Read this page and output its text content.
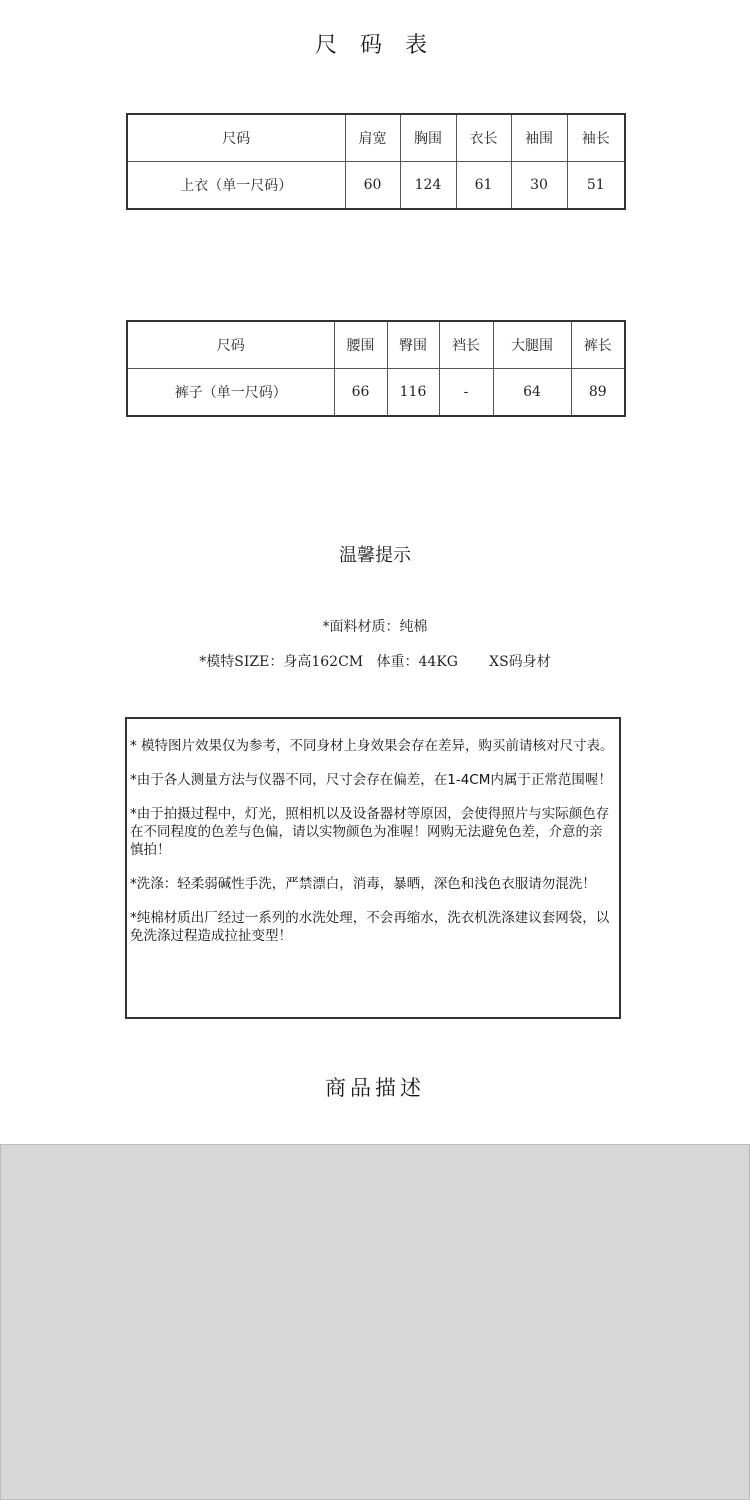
尺 码 表
尺码	肩宽	胸围	衣长	袖围	袖长
上衣（单一尺码）	60	124	61	30	51
尺码	腰围	臀围	裆长	大腿围	裤长
裤子（单一尺码）	66	116	-	64	89
温馨提示
*面料材质：纯棉
*模特SIZE：身高162CM 体重：44KG XS码身材

* 模特图片效果仅为参考，不同身材上身效果会存在差异，购买前请核对尺寸表。

*由于各人测量方法与仪器不同，尺寸会存在偏差，在1-4CM内属于正常范围喔！

*由于拍摄过程中，灯光，照相机以及设备器材等原因，会使得照片与实际颜色存在不同程度的色差与色偏，请以实物颜色为准喔！网购无法避免色差，介意的亲慎拍！

*洗涤：轻柔弱碱性手洗，严禁漂白，消毒，暴晒，深色和浅色衣服请勿混洗！

*纯棉材质出厂经过一系列的水洗处理，不会再缩水，洗衣机洗涤建议套网袋，以免洗涤过程造成拉扯变型！

商品描述
